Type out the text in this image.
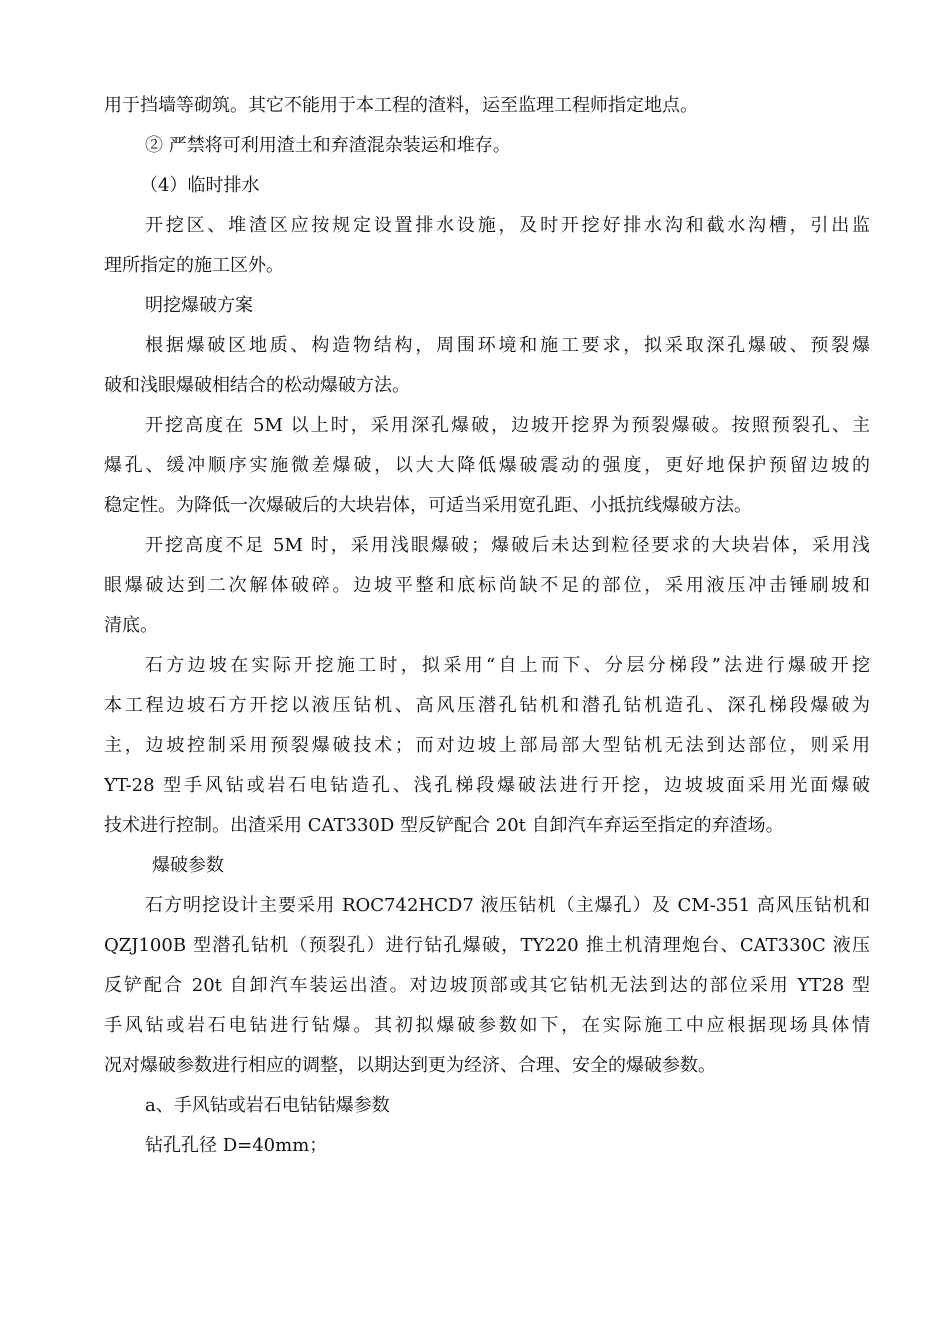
用于挡墙等砌筑。其它不能用于本工程的渣料，运至监理工程师指定地点。
② 严禁将可利用渣土和弃渣混杂装运和堆存。
（4）临时排水
开挖区、堆渣区应按规定设置排水设施，及时开挖好排水沟和截水沟槽，引出监
理所指定的施工区外。
明挖爆破方案
根据爆破区地质、构造物结构，周围环境和施工要求，拟采取深孔爆破、预裂爆
破和浅眼爆破相结合的松动爆破方法。
开挖高度在 5M 以上时，采用深孔爆破，边坡开挖界为预裂爆破。按照预裂孔、主
爆孔、缓冲顺序实施微差爆破，以大大降低爆破震动的强度，更好地保护预留边坡的
稳定性。为降低一次爆破后的大块岩体，可适当采用宽孔距、小抵抗线爆破方法。
开挖高度不足 5M 时，采用浅眼爆破；爆破后未达到粒径要求的大块岩体，采用浅
眼爆破达到二次解体破碎。边坡平整和底标尚缺不足的部位，采用液压冲击锤刷坡和
清底。
石方边坡在实际开挖施工时，拟采用“自上而下、分层分梯段”法进行爆破开挖
本工程边坡石方开挖以液压钻机、高风压潜孔钻机和潜孔钻机造孔、深孔梯段爆破为
主，边坡控制采用预裂爆破技术；而对边坡上部局部大型钻机无法到达部位，则采用
YT-28 型手风钻或岩石电钻造孔、浅孔梯段爆破法进行开挖，边坡坡面采用光面爆破
技术进行控制。出渣采用 CAT330D 型反铲配合 20t 自卸汽车弃运至指定的弃渣场。
爆破参数
石方明挖设计主要采用 ROC742HCD7 液压钻机（主爆孔）及 CM-351 高风压钻机和
QZJ100B 型潜孔钻机（预裂孔）进行钻孔爆破，TY220 推土机清理炮台、CAT330C 液压
反铲配合 20t 自卸汽车装运出渣。对边坡顶部或其它钻机无法到达的部位采用 YT28 型
手风钻或岩石电钻进行钻爆。其初拟爆破参数如下，在实际施工中应根据现场具体情
况对爆破参数进行相应的调整，以期达到更为经济、合理、安全的爆破参数。
a、手风钻或岩石电钻钻爆参数
钻孔孔径 D=40mm；
